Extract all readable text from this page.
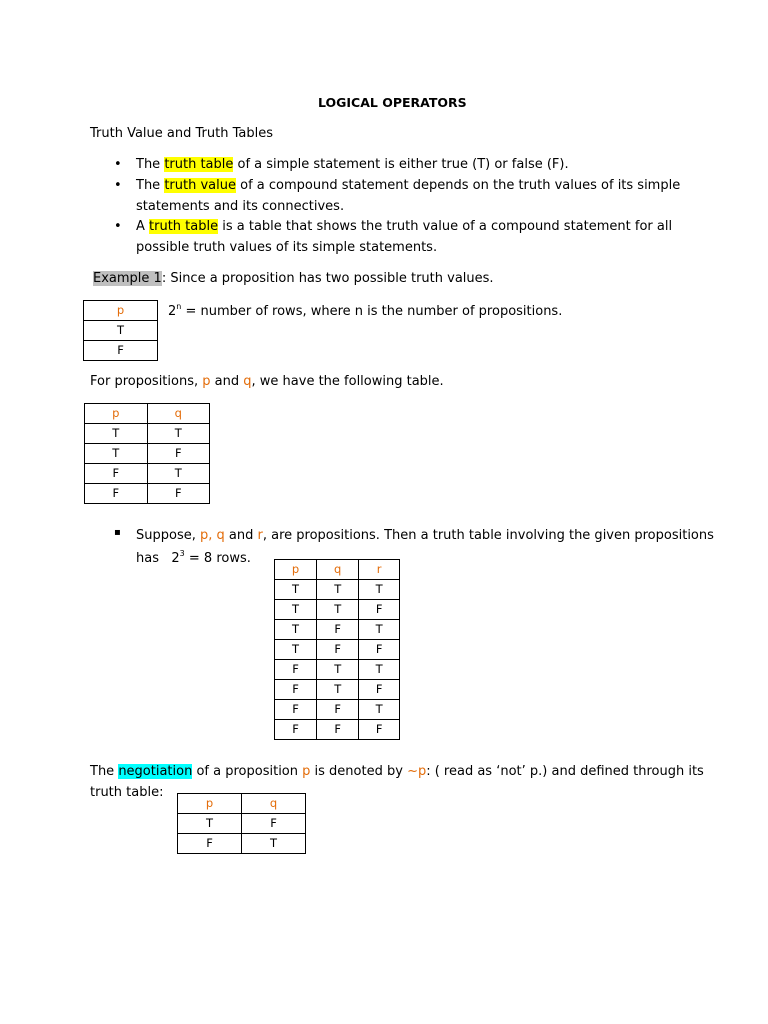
LOGICAL OPERATORS
Truth Value and Truth Tables
• The truth table of a simple statement is either true (T) or false (F).
• The truth value of a compound statement depends on the truth values of its simple
statements and its connectives.
• A truth table is a table that shows the truth value of a compound statement for all
possible truth values of its simple statements.
Example 1: Since a proposition has two possible truth values.
p
T
F
$2^n$ = number of rows, where n is the number of propositions.
For propositions, p and q, we have the following table.
p	q
T	T
T	F
F	T
F	F
▪ Suppose, p, q and r, are propositions. Then a truth table involving the given propositions
has   $2^3 = 8$ rows.
p	q	r
T	T	T
T	T	F
T	F	T
T	F	F
F	T	T
F	T	F
F	F	T
F	F	F
The negotiation of a proposition p is denoted by ~p: ( read as ‘not’ p.) and defined through its
truth table:
p	q
T	F
F	T
